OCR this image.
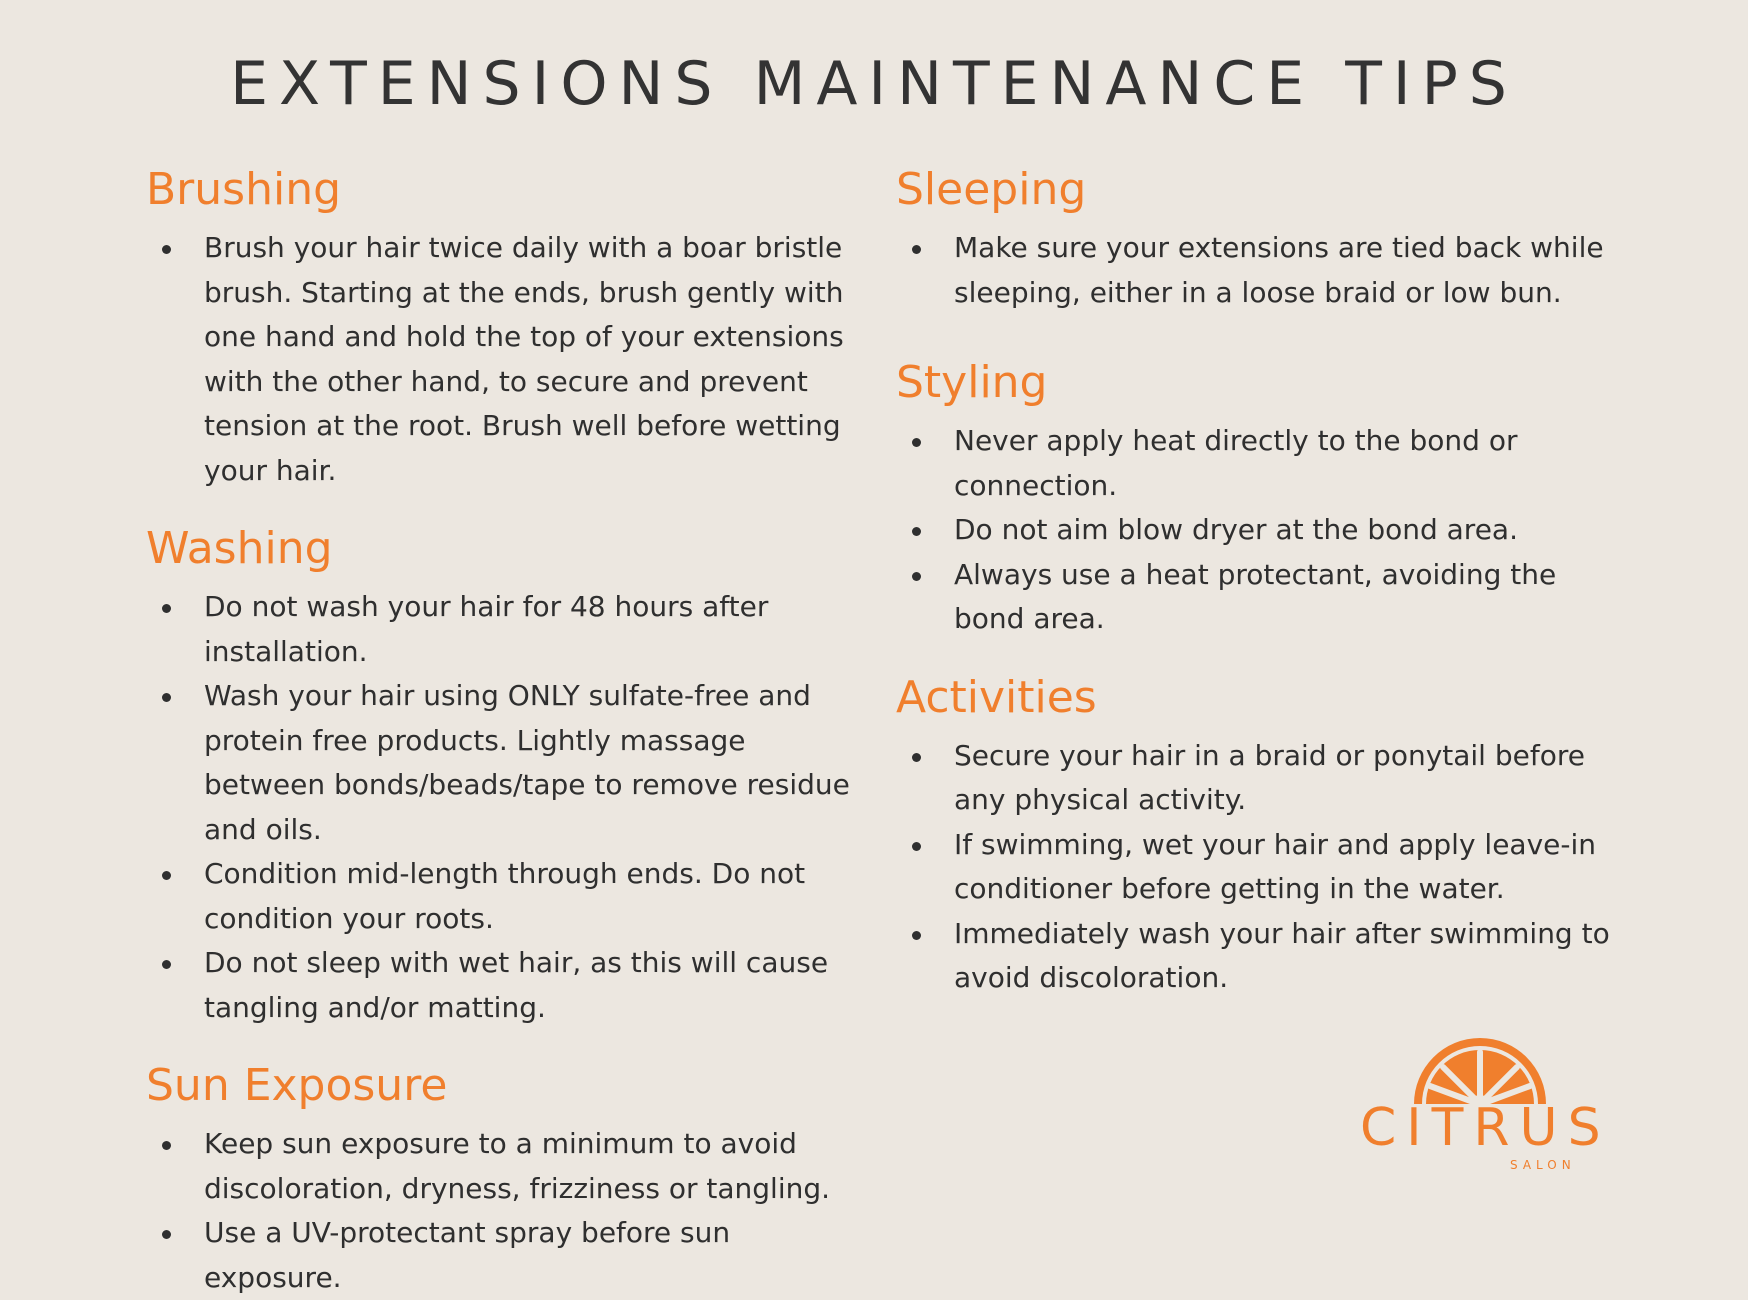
EXTENSIONS MAINTENANCE TIPS
Brushing
Brush your hair twice daily with a boar bristle brush. Starting at the ends, brush gently with one hand and hold the top of your extensions with the other hand, to secure and prevent tension at the root. Brush well before wetting your hair.
Washing
Do not wash your hair for 48 hours after installation.
Wash your hair using ONLY sulfate-free and protein free products. Lightly massage between bonds/beads/tape to remove residue and oils.
Condition mid-length through ends. Do not condition your roots.
Do not sleep with wet hair, as this will cause tangling and/or matting.
Sun Exposure
Keep sun exposure to a minimum to avoid discoloration, dryness, frizziness or tangling.
Use a UV-protectant spray before sun exposure.
Sleeping
Make sure your extensions are tied back while sleeping, either in a loose braid or low bun.
Styling
Never apply heat directly to the bond or connection.
Do not aim blow dryer at the bond area.
Always use a heat protectant, avoiding the bond area.
Activities
Secure your hair in a braid or ponytail before any physical activity.
If swimming, wet your hair and apply leave-in conditioner before getting in the water.
Immediately wash your hair after swimming to avoid discoloration.
CITRUS
SALON
